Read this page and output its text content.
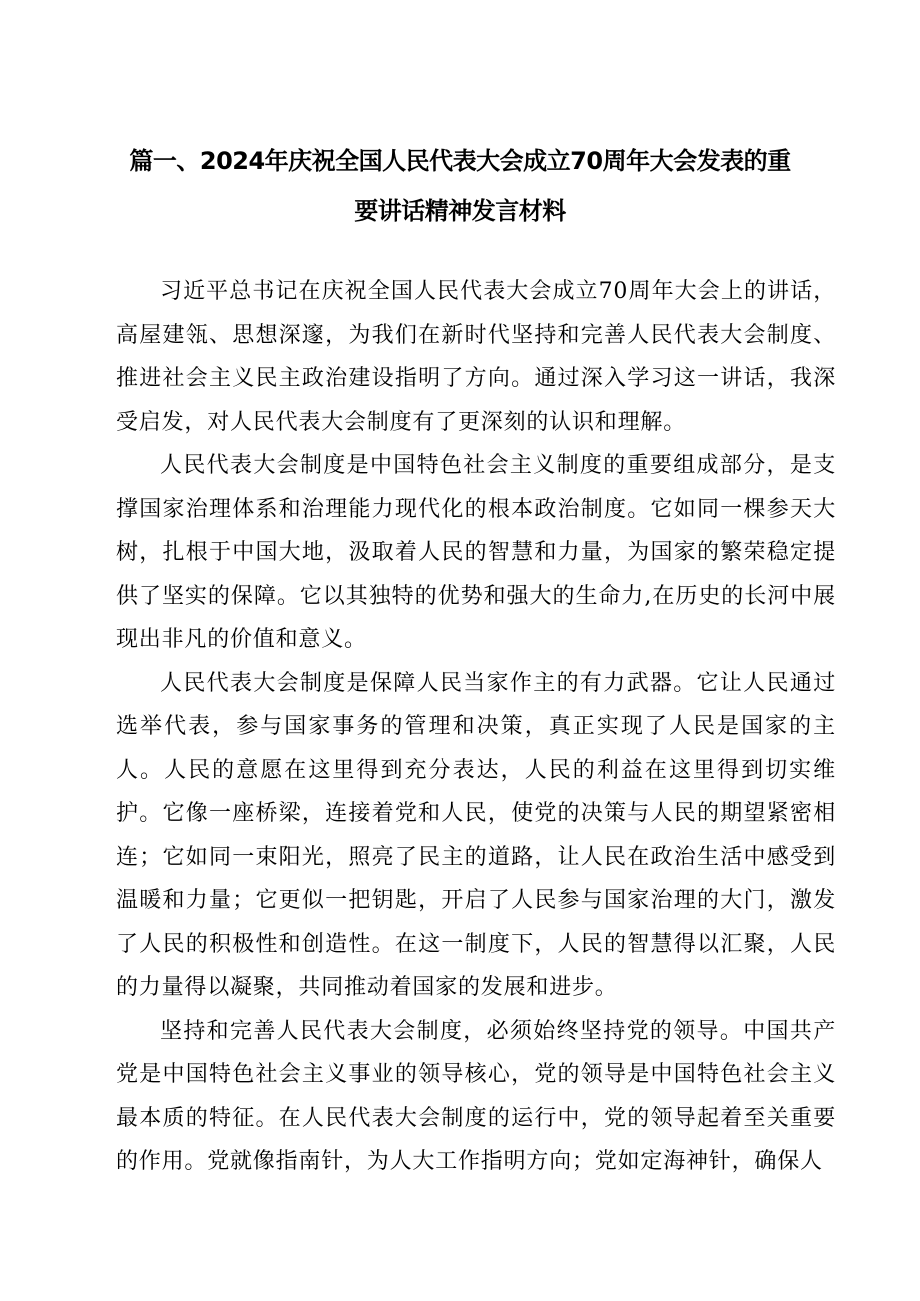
篇一、2024年庆祝全国人民代表大会成立70周年大会发表的重
要讲话精神发言材料

习近平总书记在庆祝全国人民代表大会成立70周年大会上的讲话，高屋建瓴、思想深邃，为我们在新时代坚持和完善人民代表大会制度、推进社会主义民主政治建设指明了方向。通过深入学习这一讲话，我深受启发，对人民代表大会制度有了更深刻的认识和理解。

人民代表大会制度是中国特色社会主义制度的重要组成部分，是支撑国家治理体系和治理能力现代化的根本政治制度。它如同一棵参天大树，扎根于中国大地，汲取着人民的智慧和力量，为国家的繁荣稳定提供了坚实的保障。它以其独特的优势和强大的生命力,在历史的长河中展现出非凡的价值和意义。

人民代表大会制度是保障人民当家作主的有力武器。它让人民通过选举代表，参与国家事务的管理和决策，真正实现了人民是国家的主人。人民的意愿在这里得到充分表达，人民的利益在这里得到切实维护。它像一座桥梁，连接着党和人民，使党的决策与人民的期望紧密相连；它如同一束阳光，照亮了民主的道路，让人民在政治生活中感受到温暖和力量；它更似一把钥匙，开启了人民参与国家治理的大门，激发了人民的积极性和创造性。在这一制度下，人民的智慧得以汇聚，人民的力量得以凝聚，共同推动着国家的发展和进步。

坚持和完善人民代表大会制度，必须始终坚持党的领导。中国共产党是中国特色社会主义事业的领导核心，党的领导是中国特色社会主义最本质的特征。在人民代表大会制度的运行中，党的领导起着至关重要的作用。党就像指南针，为人大工作指明方向；党如定海神针，确保人
